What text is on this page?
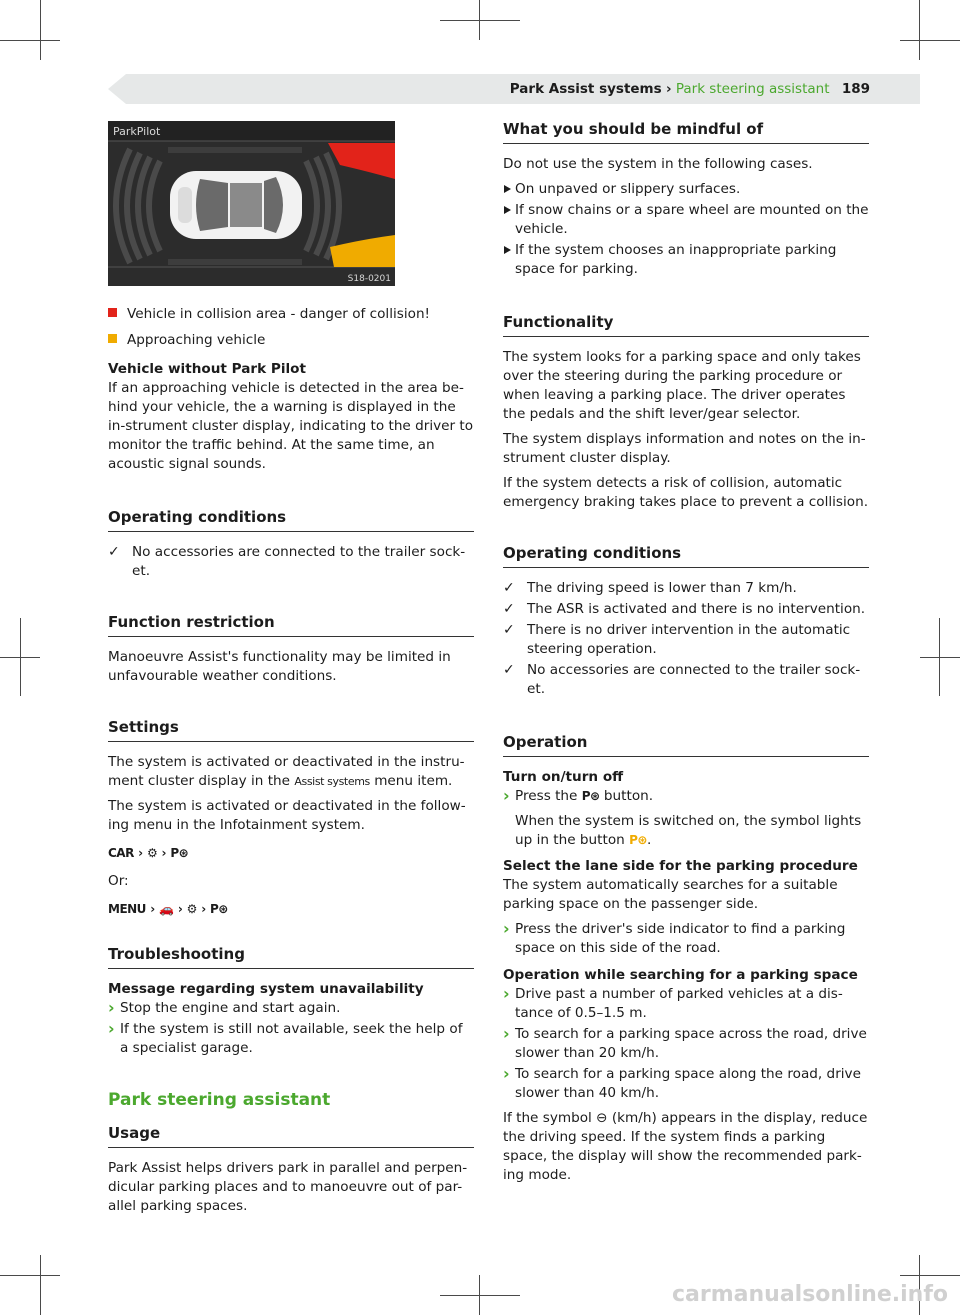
Park Assist systems › Park steering assistant 189
ParkPilot
S18-0201
Vehicle in collision area - danger of collision!
Approaching vehicle

Vehicle without Park Pilot

If an approaching vehicle is detected in the area be-hind your vehicle, the a warning is displayed in the in-strument cluster display, indicating to the driver to monitor the traffic behind. At the same time, an acoustic signal sounds.

Operating conditions
✓ No accessories are connected to the trailer sock-et.
Function restriction

Manoeuvre Assist's functionality may be limited in unfavourable weather conditions.

Settings

The system is activated or deactivated in the instru-ment cluster display in the Assist systems menu item.

The system is activated or deactivated in the follow-ing menu in the Infotainment system.

CAR › ⚙ › P⊛

Or:

MENU › 🚗 › ⚙ › P⊛

Troubleshooting

Message regarding system unavailability

› Stop the engine and start again.
› If the system is still not available, seek the help of a specialist garage.
Park steering assistant
Usage

Park Assist helps drivers park in parallel and perpen-dicular parking places and to manoeuvre out of par-allel parking spaces.

What you should be mindful of

Do not use the system in the following cases.

On unpaved or slippery surfaces.
If snow chains or a spare wheel are mounted on the vehicle.
If the system chooses an inappropriate parking space for parking.
Functionality

The system looks for a parking space and only takes over the steering during the parking procedure or when leaving a parking place. The driver operates the pedals and the shift lever/gear selector.

The system displays information and notes on the in-strument cluster display.

If the system detects a risk of collision, automatic emergency braking takes place to prevent a collision.

Operating conditions
✓ The driving speed is lower than 7 km/h.
✓ The ASR is activated and there is no intervention.
✓ There is no driver intervention in the automatic steering operation.
✓ No accessories are connected to the trailer sock-et.
Operation

Turn on/turn off

› Press the P⊛ button.

When the system is switched on, the symbol lights up in the button P⊛.

Select the lane side for the parking procedure

The system automatically searches for a suitable parking space on the passenger side.

› Press the driver's side indicator to find a parking space on this side of the road.

Operation while searching for a parking space

› Drive past a number of parked vehicles at a dis-tance of 0.5–1.5 m.
› To search for a parking space across the road, drive slower than 20 km/h.
› To search for a parking space along the road, drive slower than 40 km/h.

If the symbol ⊖ (km/h) appears in the display, reduce the driving speed. If the system finds a parking space, the display will show the recommended park-ing mode.

carmanualsonline.info
